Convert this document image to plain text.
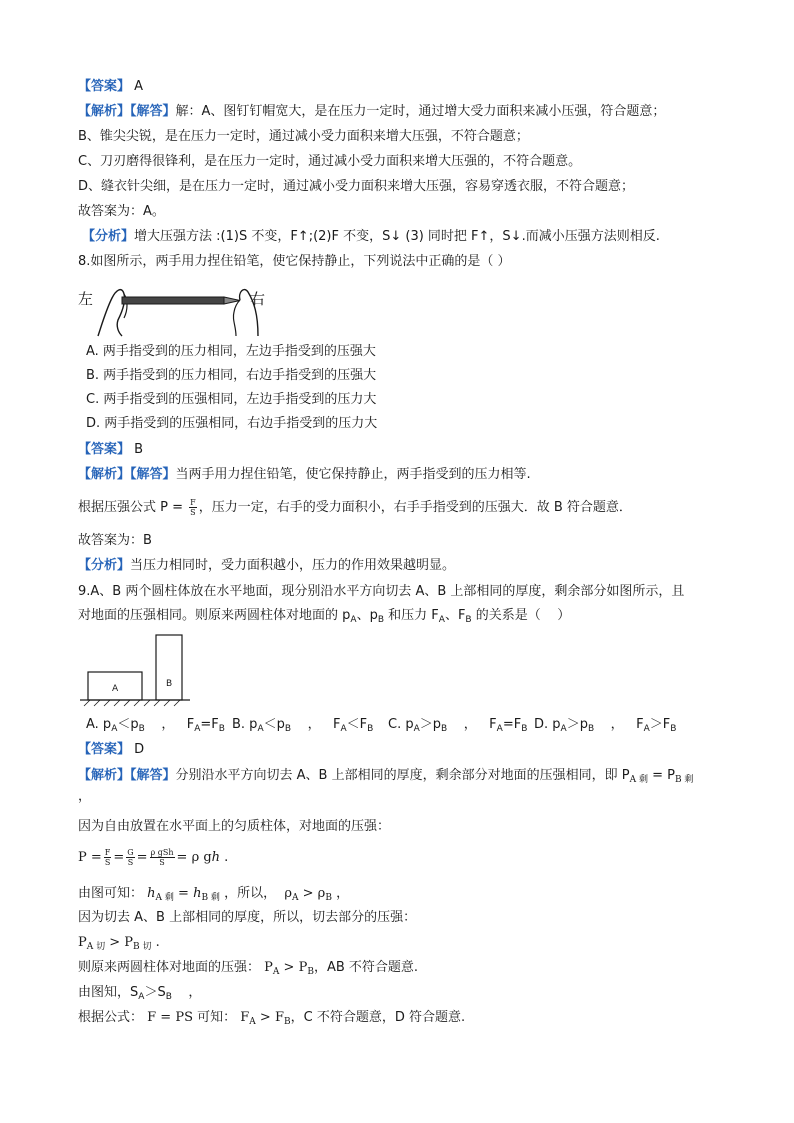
【答案】 A
【解析】【解答】解：A、图钉钉帽宽大，是在压力一定时，通过增大受力面积来减小压强，符合题意；
B、锥尖尖锐，是在压力一定时，通过减小受力面积来增大压强，不符合题意；
C、刀刃磨得很锋利，是在压力一定时，通过减小受力面积来增大压强的，不符合题意。
D、缝衣针尖细，是在压力一定时，通过减小受力面积来增大压强，容易穿透衣服，不符合题意；
故答案为：A。
【分析】增大压强方法 :(1)S 不变，F↑;(2)F 不变，S↓ (3) 同时把 F↑，S↓.而减小压强方法则相反.
8.如图所示，两手用力捏住铅笔，使它保持静止，下列说法中正确的是（ ）
左	右
A. 两手指受到的压力相同，左边手指受到的压强大
B. 两手指受到的压力相同，右边手指受到的压强大
C. 两手指受到的压强相同，左边手指受到的压力大
D. 两手指受到的压强相同，右边手指受到的压力大
【答案】 B
【解析】【解答】当两手用力捏住铅笔，使它保持静止，两手指受到的压力相等.
根据压强公式 $P = \frac{F}{S}$ ，压力一定，右手的受力面积小，右手手指受到的压强大．故 B 符合题意．
故答案为：B
【分析】当压力相同时，受力面积越小，压力的作用效果越明显。
9.A、B 两个圆柱体放在水平地面，现分别沿水平方向切去 A、B 上部相同的厚度，剩余部分如图所示，且
对地面的压强相同。则原来两圆柱体对地面的 $p_A$、$p_B$ 和压力 $F_A$、$F_B$ 的关系是（    ）
A	B
A. $p_A<p_B$    ，   $F_A=F_B$ B. $p_A<p_B$    ，   $F_A<F_B$ C. $p_A>p_B$    ，   $F_A=F_B$ D. $p_A>p_B$    ，   $F_A>F_B$
【答案】 D
【解析】【解答】分别沿水平方向切去 A、B 上部相同的厚度，剩余部分对地面的压强相同，即 $P_{A 剩} = P_{B 剩}$
，
因为自由放置在水平面上的匀质柱体，对地面的压强：
$P = \frac{F}{S} = \frac{G}{S} = \frac{\text{ρ gSh}}{S} = \rho$ gh .
由图可知： $h_{A 剩} = h_{B 剩}$ ，所以，  $\rho_A > \rho_B$ ，
因为切去 A、B 上部相同的厚度，所以，切去部分的压强：
$P_{A 切} > P_{B 切}$ .
则原来两圆柱体对地面的压强： $P_A > P_B$，AB 不符合题意.
由图知，$S_A>S_B$    ，
根据公式： F = PS 可知： $F_A > F_B$，C 不符合题意，D 符合题意.
